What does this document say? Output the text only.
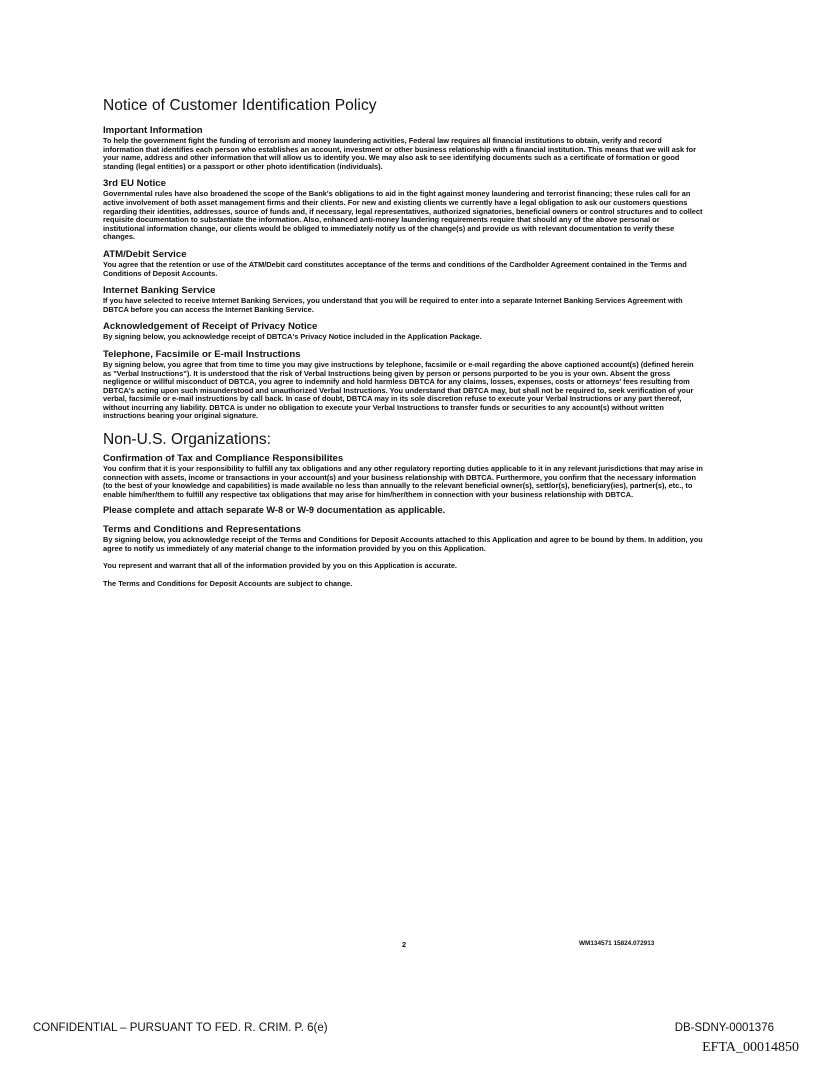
Notice of Customer Identification Policy
Important Information

To help the government fight the funding of terrorism and money laundering activities, Federal law requires all financial institutions to obtain, verify and record information that identifies each person who establishes an account, investment or other business relationship with a financial institution. This means that we will ask for your name, address and other information that will allow us to identify you. We may also ask to see identifying documents such as a certificate of formation or good standing (legal entities) or a passport or other photo identification (individuals).

3rd EU Notice

Governmental rules have also broadened the scope of the Bank's obligations to aid in the fight against money laundering and terrorist financing; these rules call for an active involvement of both asset management firms and their clients. For new and existing clients we currently have a legal obligation to ask our customers questions regarding their identities, addresses, source of funds and, if necessary, legal representatives, authorized signatories, beneficial owners or control structures and to collect requisite documentation to substantiate the information. Also, enhanced anti-money laundering requirements require that should any of the above personal or institutional information change, our clients would be obliged to immediately notify us of the change(s) and provide us with relevant documentation to verify these changes.

ATM/Debit Service

You agree that the retention or use of the ATM/Debit card constitutes acceptance of the terms and conditions of the Cardholder Agreement contained in the Terms and Conditions of Deposit Accounts.

Internet Banking Service

If you have selected to receive Internet Banking Services, you understand that you will be required to enter into a separate Internet Banking Services Agreement with DBTCA before you can access the Internet Banking Service.

Acknowledgement of Receipt of Privacy Notice

By signing below, you acknowledge receipt of DBTCA's Privacy Notice included in the Application Package.

Telephone, Facsimile or E-mail Instructions

By signing below, you agree that from time to time you may give instructions by telephone, facsimile or e-mail regarding the above captioned account(s) (defined herein as "Verbal Instructions"). It is understood that the risk of Verbal Instructions being given by person or persons purported to be you is your own. Absent the gross negligence or willful misconduct of DBTCA, you agree to indemnify and hold harmless DBTCA for any claims, losses, expenses, costs or attorneys' fees resulting from DBTCA's acting upon such misunderstood and unauthorized Verbal Instructions. You understand that DBTCA may, but shall not be required to, seek verification of your verbal, facsimile or e-mail instructions by call back. In case of doubt, DBTCA may in its sole discretion refuse to execute your Verbal Instructions or any part thereof, without incurring any liability. DBTCA is under no obligation to execute your Verbal Instructions to transfer funds or securities to any account(s) without written instructions bearing your original signature.

Non-U.S. Organizations:
Confirmation of Tax and Compliance Responsibilites

You confirm that it is your responsibility to fulfill any tax obligations and any other regulatory reporting duties applicable to it in any relevant jurisdictions that may arise in connection with assets, income or transactions in your account(s) and your business relationship with DBTCA. Furthermore, you confirm that the necessary information (to the best of your knowledge and capabilities) is made available no less than annually to the relevant beneficial owner(s), settlor(s), beneficiary(ies), partner(s), etc., to enable him/her/them to fulfill any respective tax obligations that may arise for him/her/them in connection with your business relationship with DBTCA.

Please complete and attach separate W-8 or W-9 documentation as applicable.

Terms and Conditions and Representations

By signing below, you acknowledge receipt of the Terms and Conditions for Deposit Accounts attached to this Application and agree to be bound by them. In addition, you agree to notify us immediately of any material change to the information provided by you on this Application.

You represent and warrant that all of the information provided by you on this Application is accurate.

The Terms and Conditions for Deposit Accounts are subject to change.

2	WM134571 15824.072913
CONFIDENTIAL – PURSUANT TO FED. R. CRIM. P. 6(e)	DB-SDNY-0001376
EFTA_00014850
